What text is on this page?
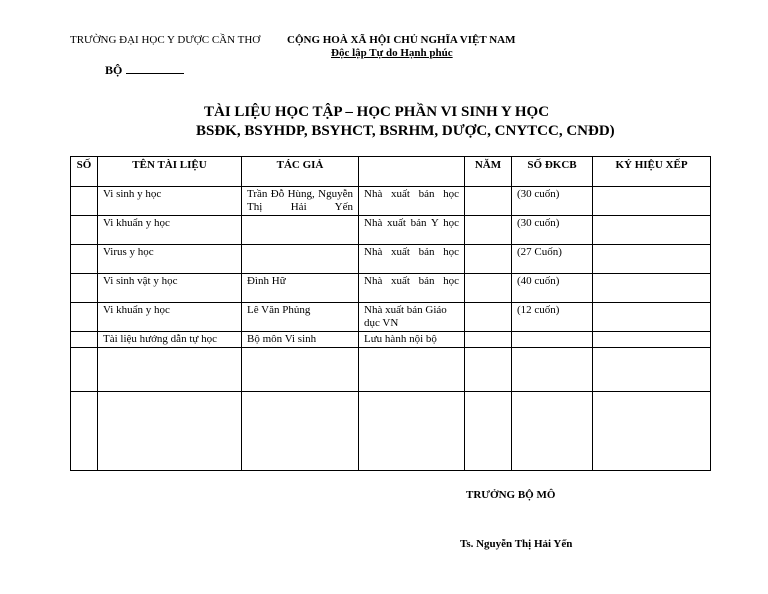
TRƯỜNG ĐẠI HỌC Y DƯỢC CẦN THƠ CỘNG HOÀ XÃ HỘI CHỦ NGHĨA VIỆT NAM
Độc lập Tự do Hạnh phúc
BỘ
TÀI LIỆU HỌC TẬP – HỌC PHẦN VI SINH Y HỌC
BSĐK, BSYHDP, BSYHCT, BSRHM, DƯỢC, CNYTCC, CNĐD)
SỐ	TÊN TÀI LIỆU	TÁC GIẢ		NĂM	SỐ ĐKCB	KÝ HIỆU XẾP
	Vi sinh y học	Trần Đỗ Hùng, Nguyễn Thị Hải Yến	Nhà xuất bản học		(30 cuốn)	
	Vi khuẩn y học		Nhà xuất bản Y học		(30 cuốn)	
	Virus y học		Nhà xuất bản học		(27 Cuốn)	
	Vi sinh vật y học	Đình Hữ	Nhà xuất bản học		(40 cuốn)	
	Vi khuẩn y học	Lê Văn Phủng	Nhà xuất bản Giáo dục VN		(12 cuốn)	
	Tài liệu hướng dẫn tự học	Bộ môn Vi sinh	Lưu hành nội bộ			

TRƯỞNG BỘ MÔ
Ts. Nguyễn Thị Hải Yến
